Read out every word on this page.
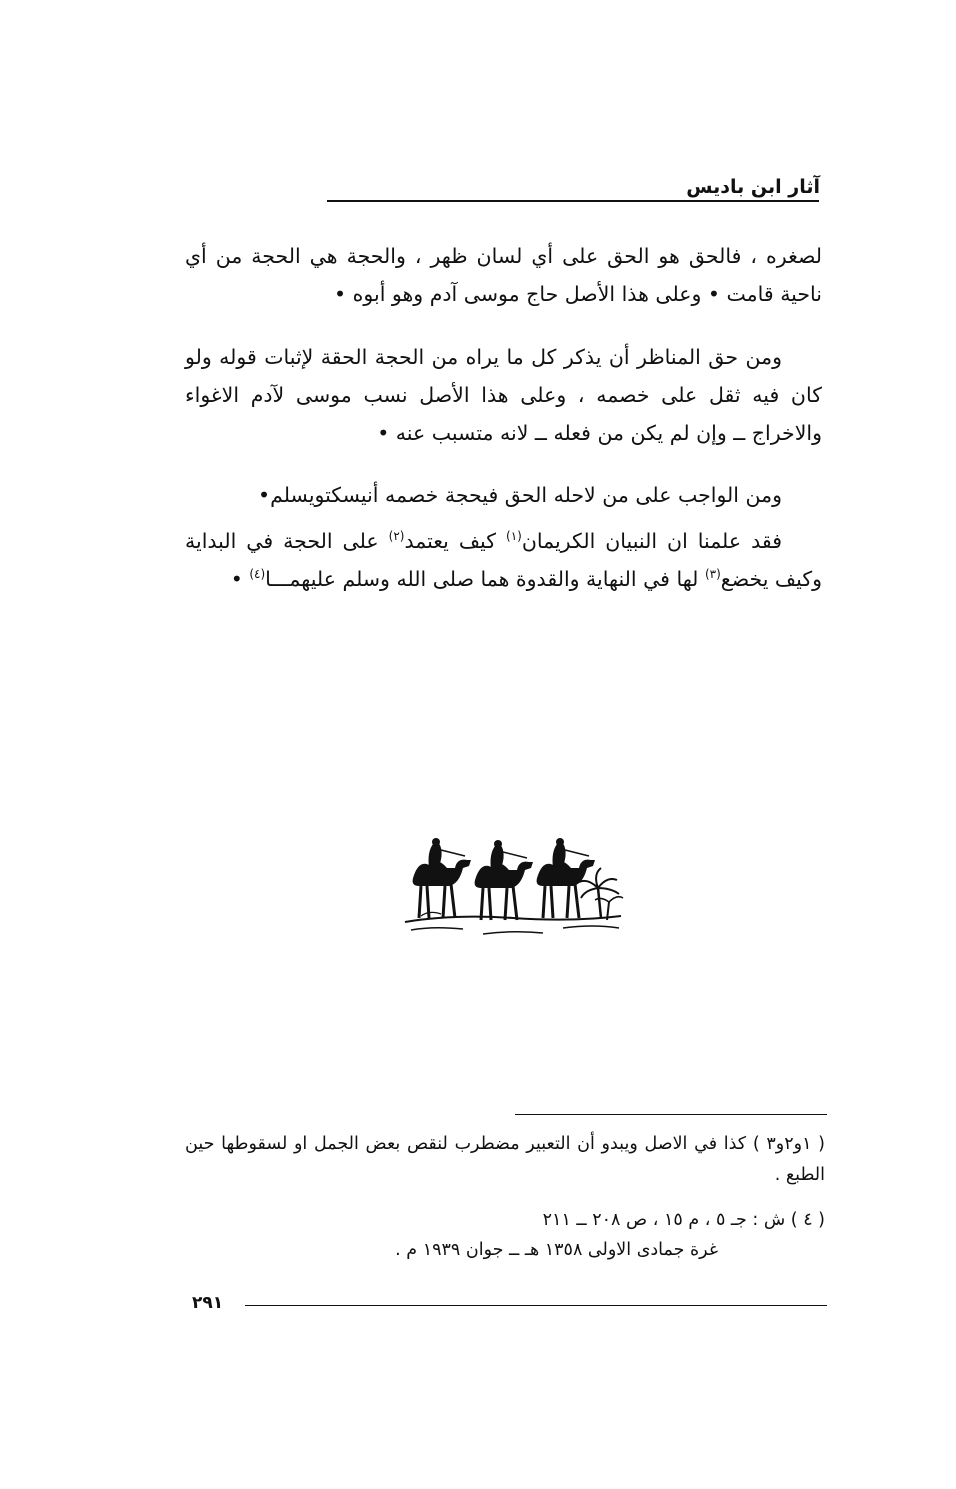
آثار ابن باديس

لصغره ، فالحق هو الحق على أي لسان ظهر ، والحجة هي الحجة من أي ناحية قامت • وعلى هذا الأصل حاج موسى آدم وهو أبوه •

ومن حق المناظر أن يذكر كل ما يراه من الحجة الحقة لإثبات قوله ولو كان فيه ثقل على خصمه ، وعلى هذا الأصل نسب موسى لآدم الاغواء والاخراج ــ وإن لم يكن من فعله ــ لانه متسبب عنه •

ومن الواجب على من لاحله الحق فيحجة خصمه أنيسكتويسلم•

فقد علمنا ان النبيان الكريمان$^{(١)}$ كيف يعتمد$^{(٢)}$ على الحجة في البداية وكيف يخضع$^{(٣)}$ لها في النهاية والقدوة هما صلى الله وسلم عليهمـــا$^{(٤)}$ •

( ١و٢و٣ ) كذا في الاصل ويبدو أن التعبير مضطرب لنقص بعض الجمل او لسقوطها حين الطبع .

( ٤ ) ش : جـ ٥ ، م ١٥ ، ص ٢٠٨ ــ ٢١١

غرة جمادى الاولى ١٣٥٨ هـ ــ جوان ١٩٣٩ م .

٢٩١
